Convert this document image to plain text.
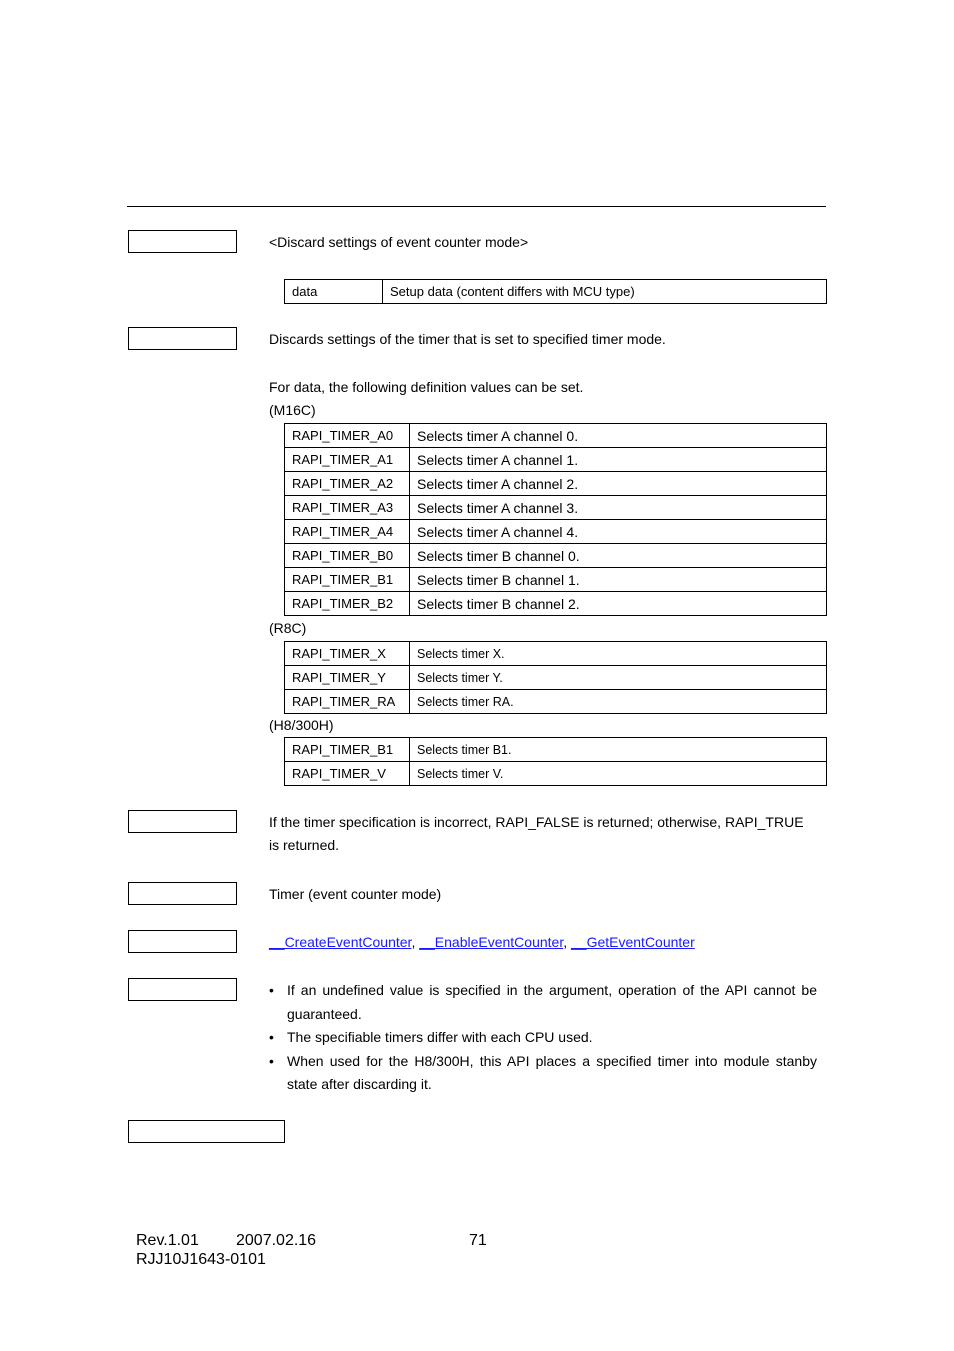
<Discard settings of event counter mode>
data	Setup data (content differs with MCU type)
Discards settings of the timer that is set to specified timer mode.
For data, the following definition values can be set.
(M16C)
RAPI_TIMER_A0	Selects timer A channel 0.
RAPI_TIMER_A1	Selects timer A channel 1.
RAPI_TIMER_A2	Selects timer A channel 2.
RAPI_TIMER_A3	Selects timer A channel 3.
RAPI_TIMER_A4	Selects timer A channel 4.
RAPI_TIMER_B0	Selects timer B channel 0.
RAPI_TIMER_B1	Selects timer B channel 1.
RAPI_TIMER_B2	Selects timer B channel 2.
(R8C)
RAPI_TIMER_X	Selects timer X.
RAPI_TIMER_Y	Selects timer Y.
RAPI_TIMER_RA	Selects timer RA.
(H8/300H)
RAPI_TIMER_B1	Selects timer B1.
RAPI_TIMER_V	Selects timer V.
If the timer specification is incorrect, RAPI_FALSE is returned; otherwise, RAPI_TRUE
is returned.
Timer (event counter mode)
__CreateEventCounter, __EnableEventCounter, __GetEventCounter
• If an undefined value is specified in the argument, operation of the API cannot be guaranteed.
• The specifiable timers differ with each CPU used.
• When used for the H8/300H, this API places a specified timer into module stanby state after discarding it.
Rev.1.01 2007.02.16	71
RJJ10J1643-0101
